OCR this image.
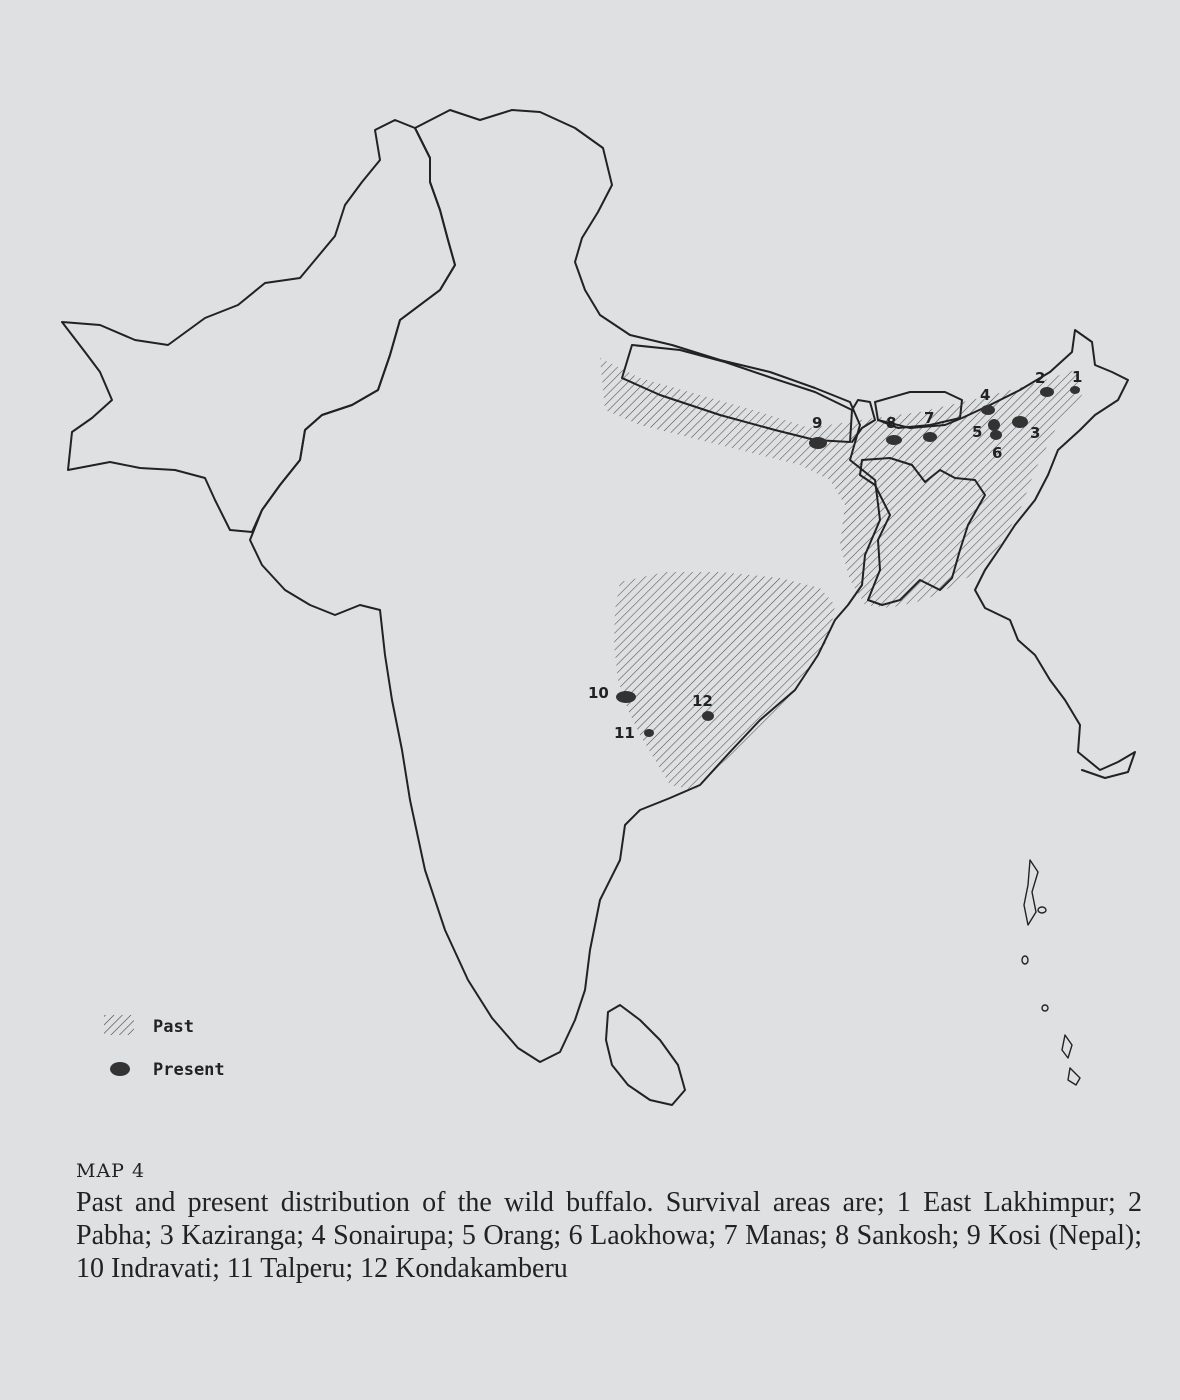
1
2
3
4
5
6
7
8
9
10
11
12
Past
Present
MAP 4

Past and present distribution of the wild buffalo. Survival areas are; 1 East Lakhimpur; 2 Pabha; 3 Kaziranga; 4 Sonairupa; 5 Orang; 6 Laokhowa; 7 Manas; 8 Sankosh; 9 Kosi (Nepal); 10 Indravati; 11 Talperu; 12 Kondakamberu
